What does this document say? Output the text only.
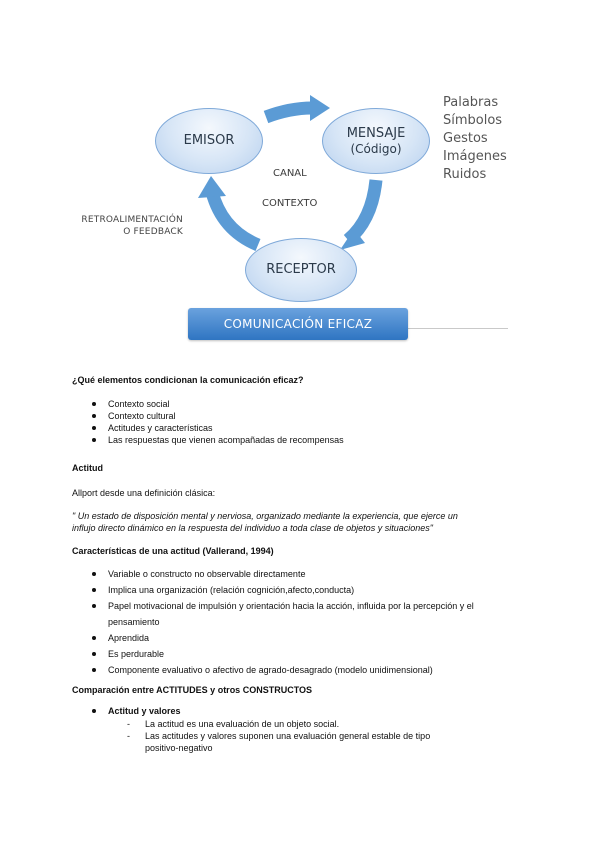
EMISOR	MENSAJE
(Código)
RECEPTOR
CANAL
CONTEXTO
RETROALIMENTACIÓN
O FEEDBACK
Palabras
Símbolos
Gestos
Imágenes
Ruidos
COMUNICACIÓN EFICAZ

¿Qué elementos condicionan la comunicación eficaz?

Contexto social
Contexto cultural
Actitudes y características
Las respuestas que vienen acompañadas de recompensas

Actitud

Allport desde una definición clásica:

" Un estado de disposición mental y nerviosa, organizado mediante la experiencia, que ejerce un

influjo directo dinámico en la respuesta del individuo a toda clase de objetos y situaciones"

Características de una actitud (Vallerand, 1994)

Variable o constructo no observable directamente
Implica una organización (relación cognición,afecto,conducta)
Papel motivacional de impulsión y orientación hacia la acción, influida por la percepción y el
pensamiento
Aprendida
Es perdurable
Componente evaluativo o afectivo de agrado-desagrado (modelo unidimensional)

Comparación entre ACTITUDES y otros CONSTRUCTOS

Actitud y valores
- La actitud es una evaluación de un objeto social.
- Las actitudes y valores suponen una evaluación general estable de tipo
positivo-negativo
